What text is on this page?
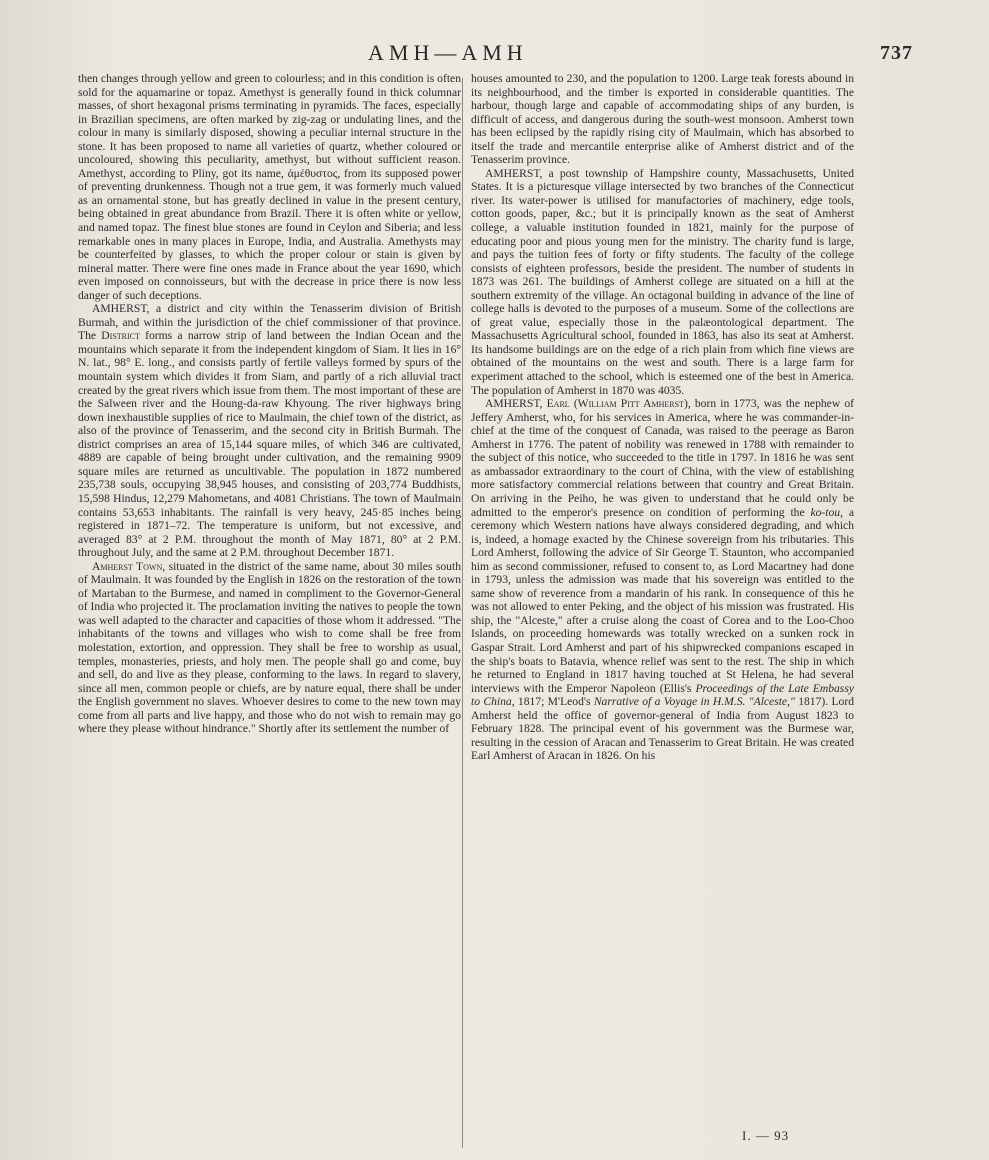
AMH—AMH	737

then changes through yellow and green to colourless; and in this condition is often sold for the aquamarine or topaz. Amethyst is generally found in thick columnar masses, of short hexagonal prisms terminating in pyramids. The faces, especially in Brazilian specimens, are often marked by zig-zag or undulating lines, and the colour in many is similarly disposed, showing a peculiar internal structure in the stone. It has been proposed to name all varieties of quartz, whether coloured or uncoloured, showing this peculiarity, amethyst, but without sufficient reason. Amethyst, according to Pliny, got its name, ἀμέθυστος, from its supposed power of preventing drunkenness. Though not a true gem, it was formerly much valued as an ornamental stone, but has greatly declined in value in the present century, being obtained in great abundance from Brazil. There it is often white or yellow, and named topaz. The finest blue stones are found in Ceylon and Siberia; and less remarkable ones in many places in Europe, India, and Australia. Amethysts may be counterfeited by glasses, to which the proper colour or stain is given by mineral matter. There were fine ones made in France about the year 1690, which even imposed on connoisseurs, but with the decrease in price there is now less danger of such deceptions.

AMHERST, a district and city within the Tenasserim division of British Burmah, and within the jurisdiction of the chief commissioner of that province. The District forms a narrow strip of land between the Indian Ocean and the mountains which separate it from the independent kingdom of Siam. It lies in 16° N. lat., 98° E. long., and consists partly of fertile valleys formed by spurs of the mountain system which divides it from Siam, and partly of a rich alluvial tract created by the great rivers which issue from them. The most important of these are the Salween river and the Houng-da-raw Khyoung. The river highways bring down inexhaustible supplies of rice to Maulmain, the chief town of the district, as also of the province of Tenasserim, and the second city in British Burmah. The district comprises an area of 15,144 square miles, of which 346 are cultivated, 4889 are capable of being brought under cultivation, and the remaining 9909 square miles are returned as uncultivable. The population in 1872 numbered 235,738 souls, occupying 38,945 houses, and consisting of 203,774 Buddhists, 15,598 Hindus, 12,279 Mahometans, and 4081 Christians. The town of Maulmain contains 53,653 inhabitants. The rainfall is very heavy, 245·85 inches being registered in 1871–72. The temperature is uniform, but not excessive, and averaged 83° at 2 P.M. throughout the month of May 1871, 80° at 2 P.M. throughout July, and the same at 2 P.M. throughout December 1871.

Amherst Town, situated in the district of the same name, about 30 miles south of Maulmain. It was founded by the English in 1826 on the restoration of the town of Martaban to the Burmese, and named in compliment to the Governor-General of India who projected it. The proclamation inviting the natives to people the town was well adapted to the character and capacities of those whom it addressed. "The inhabitants of the towns and villages who wish to come shall be free from molestation, extortion, and oppression. They shall be free to worship as usual, temples, monasteries, priests, and holy men. The people shall go and come, buy and sell, do and live as they please, conforming to the laws. In regard to slavery, since all men, common people or chiefs, are by nature equal, there shall be under the English government no slaves. Whoever desires to come to the new town may come from all parts and live happy, and those who do not wish to remain may go where they please without hindrance." Shortly after its settlement the number of

houses amounted to 230, and the population to 1200. Large teak forests abound in its neighbourhood, and the timber is exported in considerable quantities. The harbour, though large and capable of accommodating ships of any burden, is difficult of access, and dangerous during the south-west monsoon. Amherst town has been eclipsed by the rapidly rising city of Maulmain, which has absorbed to itself the trade and mercantile enterprise alike of Amherst district and of the Tenasserim province.

AMHERST, a post township of Hampshire county, Massachusetts, United States. It is a picturesque village intersected by two branches of the Connecticut river. Its water-power is utilised for manufactories of machinery, edge tools, cotton goods, paper, &c.; but it is principally known as the seat of Amherst college, a valuable institution founded in 1821, mainly for the purpose of educating poor and pious young men for the ministry. The charity fund is large, and pays the tuition fees of forty or fifty students. The faculty of the college consists of eighteen professors, beside the president. The number of students in 1873 was 261. The buildings of Amherst college are situated on a hill at the southern extremity of the village. An octagonal building in advance of the line of college halls is devoted to the purposes of a museum. Some of the collections are of great value, especially those in the palæontological department. The Massachusetts Agricultural school, founded in 1863, has also its seat at Amherst. Its handsome buildings are on the edge of a rich plain from which fine views are obtained of the mountains on the west and south. There is a large farm for experiment attached to the school, which is esteemed one of the best in America. The population of Amherst in 1870 was 4035.

AMHERST, Earl (William Pitt Amherst), born in 1773, was the nephew of Jeffery Amherst, who, for his services in America, where he was commander-in-chief at the time of the conquest of Canada, was raised to the peerage as Baron Amherst in 1776. The patent of nobility was renewed in 1788 with remainder to the subject of this notice, who succeeded to the title in 1797. In 1816 he was sent as ambassador extraordinary to the court of China, with the view of establishing more satisfactory commercial relations between that country and Great Britain. On arriving in the Peiho, he was given to understand that he could only be admitted to the emperor's presence on condition of performing the ko-tou, a ceremony which Western nations have always considered degrading, and which is, indeed, a homage exacted by the Chinese sovereign from his tributaries. This Lord Amherst, following the advice of Sir George T. Staunton, who accompanied him as second commissioner, refused to consent to, as Lord Macartney had done in 1793, unless the admission was made that his sovereign was entitled to the same show of reverence from a mandarin of his rank. In consequence of this he was not allowed to enter Peking, and the object of his mission was frustrated. His ship, the "Alceste," after a cruise along the coast of Corea and to the Loo-Choo Islands, on proceeding homewards was totally wrecked on a sunken rock in Gaspar Strait. Lord Amherst and part of his shipwrecked companions escaped in the ship's boats to Batavia, whence relief was sent to the rest. The ship in which he returned to England in 1817 having touched at St Helena, he had several interviews with the Emperor Napoleon (Ellis's Proceedings of the Late Embassy to China, 1817; M'Leod's Narrative of a Voyage in H.M.S. "Alceste," 1817). Lord Amherst held the office of governor-general of India from August 1823 to February 1828. The principal event of his government was the Burmese war, resulting in the cession of Aracan and Tenasserim to Great Britain. He was created Earl Amherst of Aracan in 1826. On his

I. — 93
